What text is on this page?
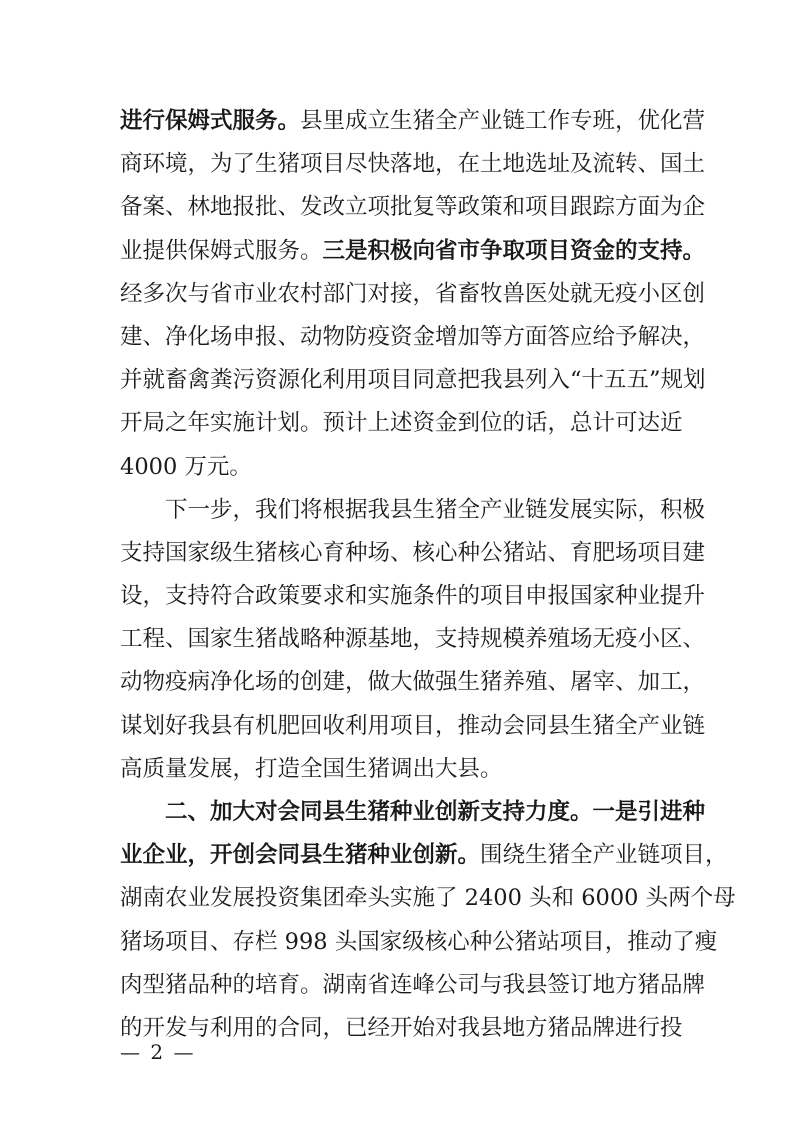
进行保姆式服务。县里成立生猪全产业链工作专班，优化营
商环境，为了生猪项目尽快落地，在土地选址及流转、国土
备案、林地报批、发改立项批复等政策和项目跟踪方面为企
业提供保姆式服务。三是积极向省市争取项目资金的支持。
经多次与省市业农村部门对接，省畜牧兽医处就无疫小区创
建、净化场申报、动物防疫资金增加等方面答应给予解决，
并就畜禽粪污资源化利用项目同意把我县列入“十五五”规划
开局之年实施计划。预计上述资金到位的话，总计可达近
4000 万元。
下一步，我们将根据我县生猪全产业链发展实际，积极
支持国家级生猪核心育种场、核心种公猪站、育肥场项目建
设，支持符合政策要求和实施条件的项目申报国家种业提升
工程、国家生猪战略种源基地，支持规模养殖场无疫小区、
动物疫病净化场的创建，做大做强生猪养殖、屠宰、加工，
谋划好我县有机肥回收利用项目，推动会同县生猪全产业链
高质量发展，打造全国生猪调出大县。
二、加大对会同县生猪种业创新支持力度。一是引进种
业企业，开创会同县生猪种业创新。围绕生猪全产业链项目，
湖南农业发展投资集团牵头实施了 2400 头和 6000 头两个母
猪场项目、存栏 998 头国家级核心种公猪站项目，推动了瘦
肉型猪品种的培育。湖南省连峰公司与我县签订地方猪品牌
的开发与利用的合同，已经开始对我县地方猪品牌进行投
— 2 —
